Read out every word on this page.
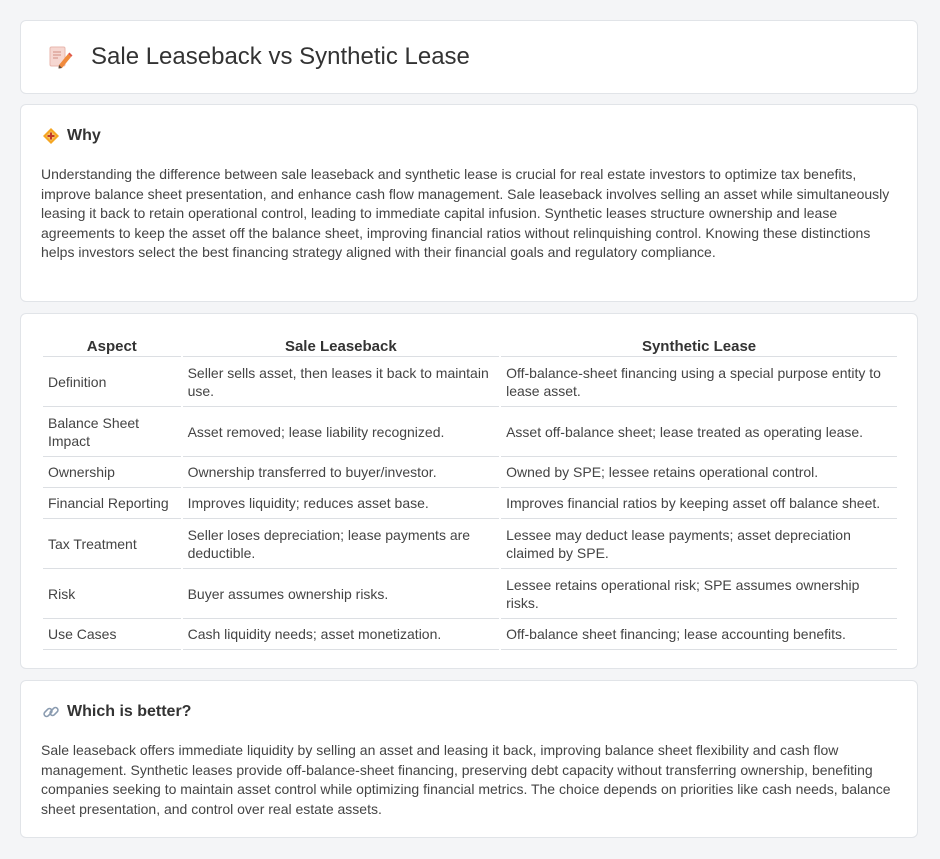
Sale Leaseback vs Synthetic Lease
Why

Understanding the difference between sale leaseback and synthetic lease is crucial for real estate investors to optimize tax benefits, improve balance sheet presentation, and enhance cash flow management. Sale leaseback involves selling an asset while simultaneously leasing it back to retain operational control, leading to immediate capital infusion. Synthetic leases structure ownership and lease agreements to keep the asset off the balance sheet, improving financial ratios without relinquishing control. Knowing these distinctions helps investors select the best financing strategy aligned with their financial goals and regulatory compliance.

Aspect	Sale Leaseback	Synthetic Lease
Definition	Seller sells asset, then leases it back to maintain use.	Off-balance-sheet financing using a special purpose entity to lease asset.
Balance Sheet Impact	Asset removed; lease liability recognized.	Asset off-balance sheet; lease treated as operating lease.
Ownership	Ownership transferred to buyer/investor.	Owned by SPE; lessee retains operational control.
Financial Reporting	Improves liquidity; reduces asset base.	Improves financial ratios by keeping asset off balance sheet.
Tax Treatment	Seller loses depreciation; lease payments are deductible.	Lessee may deduct lease payments; asset depreciation claimed by SPE.
Risk	Buyer assumes ownership risks.	Lessee retains operational risk; SPE assumes ownership risks.
Use Cases	Cash liquidity needs; asset monetization.	Off-balance sheet financing; lease accounting benefits.
Which is better?

Sale leaseback offers immediate liquidity by selling an asset and leasing it back, improving balance sheet flexibility and cash flow management. Synthetic leases provide off-balance-sheet financing, preserving debt capacity without transferring ownership, benefiting companies seeking to maintain asset control while optimizing financial metrics. The choice depends on priorities like cash needs, balance sheet presentation, and control over real estate assets.
